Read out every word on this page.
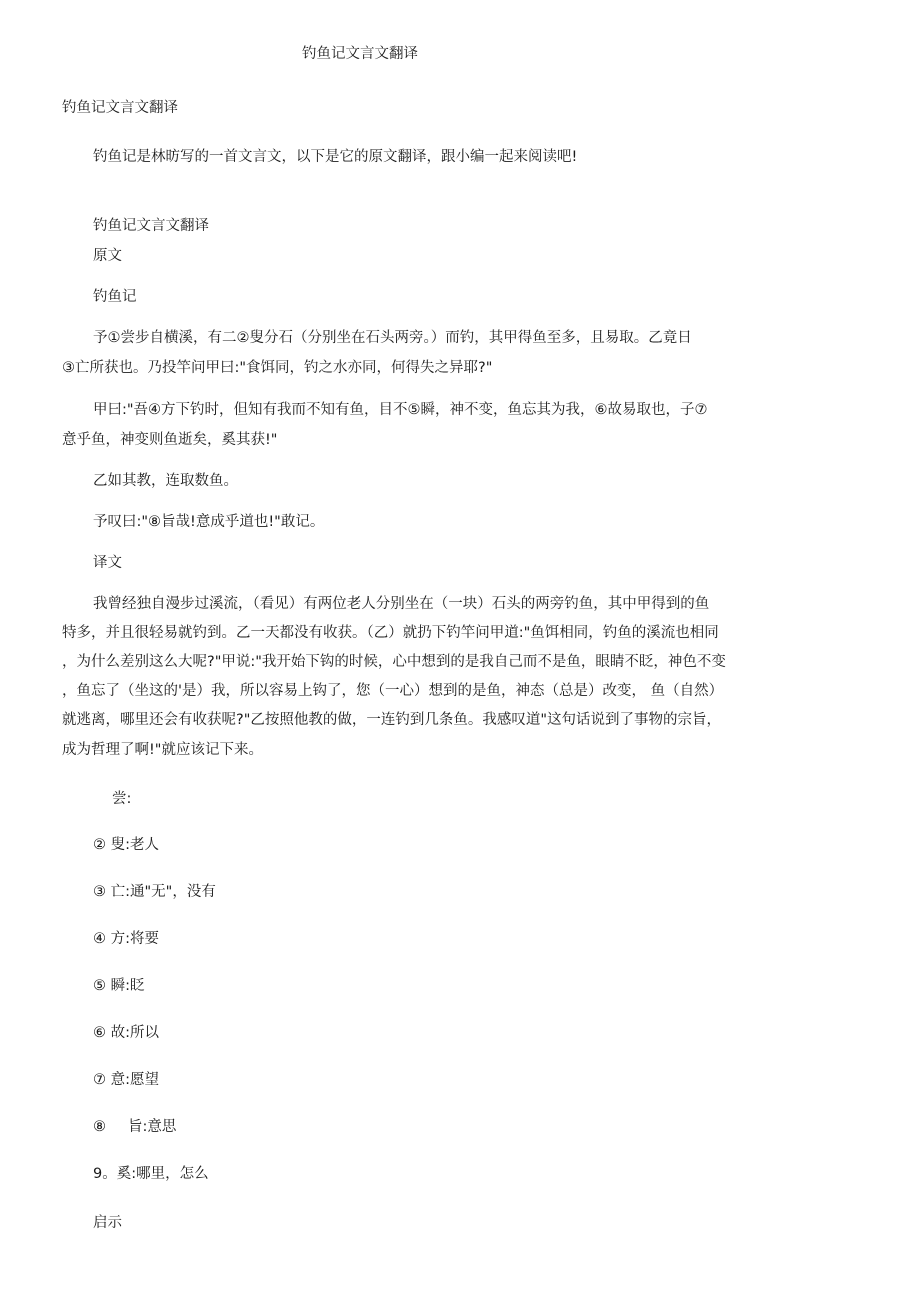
钓鱼记文言文翻译
钓鱼记文言文翻译
钓鱼记是林昉写的一首文言文，以下是它的原文翻译，跟小编一起来阅读吧!
钓鱼记文言文翻译
原文
钓鱼记
予①尝步自横溪，有二②叟分石（分别坐在石头两旁。）而钓，其甲得鱼至多，且易取。乙竟日
③亡所获也。乃投竿问甲曰:"食饵同，钓之水亦同，何得失之异耶?"
甲曰:"吾④方下钓时，但知有我而不知有鱼，目不⑤瞬，神不变，鱼忘其为我，⑥故易取也，子⑦
意乎鱼，神变则鱼逝矣，奚其获!"
乙如其教，连取数鱼。
予叹曰:"⑧旨哉!意成乎道也!"敢记。
译文
我曾经独自漫步过溪流，（看见）有两位老人分别坐在（一块）石头的两旁钓鱼，其中甲得到的鱼
特多，并且很轻易就钓到。乙一天都没有收获。（乙）就扔下钓竿问甲道:"鱼饵相同，钓鱼的溪流也相同
，为什么差别这么大呢?"甲说:"我开始下钩的时候，心中想到的是我自己而不是鱼，眼睛不眨，神色不变
，鱼忘了（坐这的'是）我，所以容易上钩了，您（一心）想到的是鱼，神态（总是）改变， 鱼（自然）
就逃离，哪里还会有收获呢?"乙按照他教的做，一连钓到几条鱼。我感叹道"这句话说到了事物的宗旨，
成为哲理了啊!"就应该记下来。
尝:
② 叟:老人
③ 亡:通"无"，没有
④ 方:将要
⑤ 瞬:眨
⑥ 故:所以
⑦ 意:愿望
⑧ 旨:意思
9。奚:哪里，怎么
启示
